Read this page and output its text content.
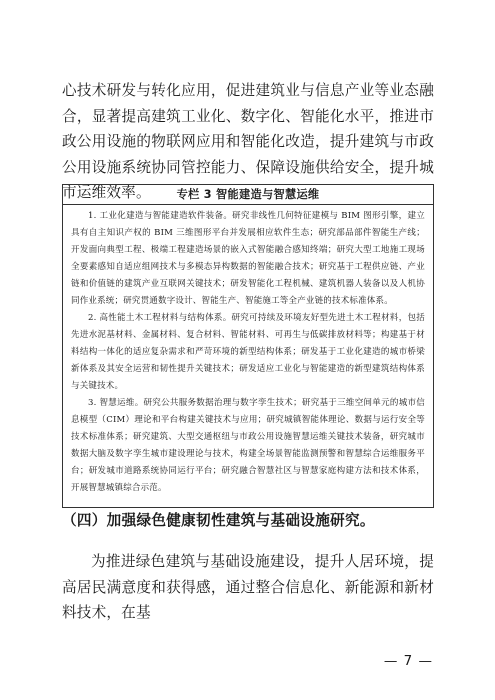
心技术研发与转化应用，促进建筑业与信息产业等业态融合，显著提高建筑工业化、数字化、智能化水平，推进市政公用设施的物联网应用和智能化改造，提升建筑与市政公用设施系统协同管控能力、保障设施供给安全，提升城市运维效率。	专栏 3 智能建造与智慧运维

1. 工业化建造与智能建造软件装备。研究非线性几何特征建模与 BIM 图形引擎，建立具有自主知识产权的 BIM 三维图形平台并发展相应软件生态；研究部品部件智能生产线；开发面向典型工程、极端工程建造场景的嵌入式智能融合感知终端；研究大型工地施工现场全要素感知自适应组网技术与多模态异构数据的智能融合技术；研究基于工程供应链、产业链和价值链的建筑产业互联网关键技术；研发智能化工程机械、建筑机器人装备以及人机协同作业系统；研究贯通数字设计、智能生产、智能施工等全产业链的技术标准体系。

2. 高性能土木工程材料与结构体系。研究可持续及环境友好型先进土木工程材料，包括先进水泥基材料、金属材料、复合材料、智能材料、可再生与低碳排放材料等；构建基于材料结构一体化的适应复杂需求和严苛环境的新型结构体系；研发基于工业化建造的城市桥梁新体系及其安全运营和韧性提升关键技术；研发适应工业化与智能建造的新型建筑结构体系与关键技术。

3. 智慧运维。研究公共服务数据治理与数字孪生技术；研究基于三维空间单元的城市信息模型（CIM）理论和平台构建关键技术与应用；研究城镇智能体理论、数据与运行安全等技术标准体系；研究建筑、大型交通枢纽与市政公用设施智慧运维关键技术装备，研究城市数据大脑及数字孪生城市建设理论与技术，构建全场景智能监测预警和智慧综合运维服务平台；研发城市道路系统协同运行平台；研究融合智慧社区与智慧家庭构建方法和技术体系，开展智慧城镇综合示范。

（四）加强绿色健康韧性建筑与基础设施研究。

为推进绿色建筑与基础设施建设，提升人居环境，提高居民满意度和获得感，通过整合信息化、新能源和新材料技术，在基

— 7 —
